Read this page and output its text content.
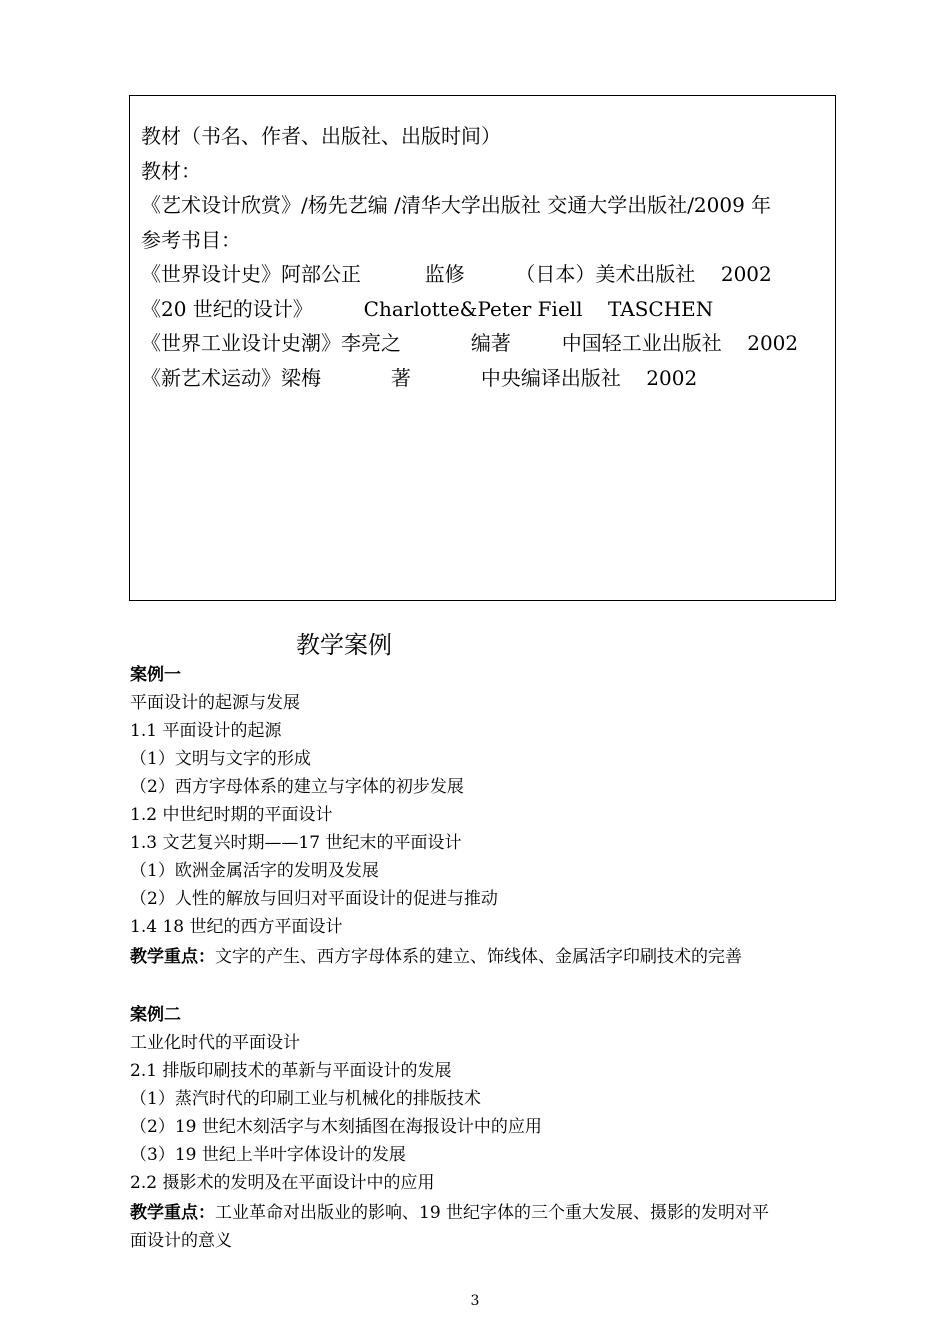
教材（书名、作者、出版社、出版时间）
教材：
《艺术设计欣赏》/杨先艺编 /清华大学出版社 交通大学出版社/2009 年
参考书目：
《世界设计史》阿部公正          监修        （日本）美术出版社    2002
《20 世纪的设计》        Charlotte&Peter Fiell    TASCHEN
《世界工业设计史潮》李亮之           编著        中国轻工业出版社    2002
《新艺术运动》梁梅           著           中央编译出版社    2002
教学案例
案例一
平面设计的起源与发展
1.1 平面设计的起源
（1）文明与文字的形成
（2）西方字母体系的建立与字体的初步发展
1.2 中世纪时期的平面设计
1.3 文艺复兴时期——17 世纪末的平面设计
（1）欧洲金属活字的发明及发展
（2）人性的解放与回归对平面设计的促进与推动
1.4 18 世纪的西方平面设计
教学重点：文字的产生、西方字母体系的建立、饰线体、金属活字印刷技术的完善
案例二
工业化时代的平面设计
2.1 排版印刷技术的革新与平面设计的发展
（1）蒸汽时代的印刷工业与机械化的排版技术
（2）19 世纪木刻活字与木刻插图在海报设计中的应用
（3）19 世纪上半叶字体设计的发展
2.2 摄影术的发明及在平面设计中的应用
教学重点：工业革命对出版业的影响、19 世纪字体的三个重大发展、摄影的发明对平
面设计的意义
3
